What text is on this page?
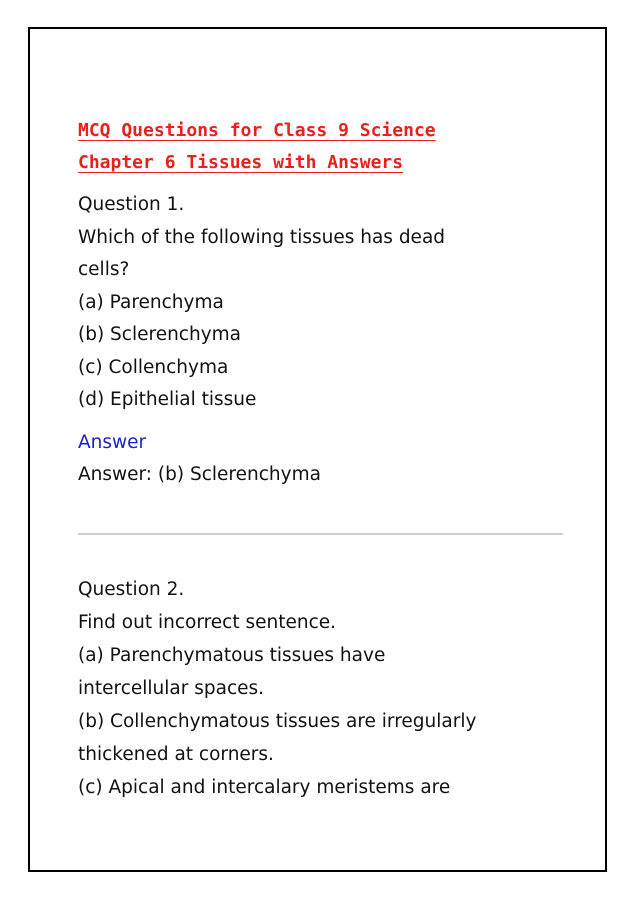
MCQ Questions for Class 9 Science
Chapter 6 Tissues with Answers
Question 1.
Which of the following tissues has dead
cells?
(a) Parenchyma
(b) Sclerenchyma
(c) Collenchyma
(d) Epithelial tissue
Answer
Answer: (b) Sclerenchyma
Question 2.
Find out incorrect sentence.
(a) Parenchymatous tissues have
intercellular spaces.
(b) Collenchymatous tissues are irregularly
thickened at corners.
(c) Apical and intercalary meristems are
